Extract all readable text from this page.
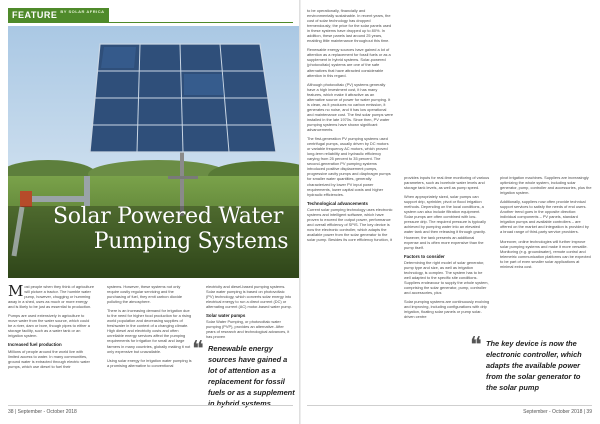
FEATURE BY SOLAR AFRICA
Solar Powered Water
Pumping Systems

Most people when they think of agriculture will picture a tractor. The humble water pump, however, chugging or humming away in a shed, uses as much or more energy and is likely to be just as essential to production.

Pumps are used extensively in agriculture to move water from the water source, which could be a river, dam or bore, though pipes to either a storage facility, such as a water tank or an irrigation system.

Increased fuel production

Millions of people around the world live with limited access to water. In many communities, ground water is extracted through electric water pumps, which use diesel to fuel their

systems. However, these systems not only require costly regular servicing and the purchasing of fuel, they emit carbon dioxide polluting the atmosphere.

There is an increasing demand for irrigation due to the need for higher food production for a rising world population and decreasing supplies of freshwater in the context of a changing climate. High diesel and electricity costs and often unreliable energy services affect the pumping requirements for irrigation for small and large farmers in many countries, globally making it not only expensive but unavailable.

Using solar energy for irrigation water pumping is a promising alternative to conventional

electricity and diesel-based pumping systems. Solar water pumping is based on photovoltaic (PV) technology, which converts solar energy into electrical energy to run a direct current (DC) or alternating current (AC) motor-based water pump.

Solar water pumps

Solar Water Pumping, or photovoltaic water pumping (PVP), provides an alternative. After years of research and technological advances, it has proven

❝ Renewable energy sources have gained a lot of attention as a replacement for fossil fuels or as a supplement in hybrid systems
38 | September - October 2018

to be operationally, financially and environmentally sustainable. In recent years, the cost of solar technology has dropped tremendously; the price for the solar panels used in these systems have dropped up to 80%. In addition, these panels last around 25 years, enabling little maintenance throughout this time.

Renewable energy sources have gained a lot of attention as a replacement for fossil fuels or as a supplement in hybrid systems. Solar-powered (photovoltaic) systems are one of the safe alternatives that have attracted considerable attention in this regard.

Although photovoltaic (PV) systems generally have a high investment cost, it has many features, which make it attractive as an alternative source of power for water pumping. It is clean, as it produces no carbon emission, it generates no noise, and it has low operational and maintenance cost. The first solar pumps were installed in the late 1970s. Since then, PV water pumping systems have shown significant advancements.

The first-generation PV pumping systems used centrifugal pumps, usually driven by DC motors or variable frequency AC motors, which proved long-term reliability and hydraulic efficiency varying from 25 percent to 35 percent. The second-generation PV pumping systems introduced positive displacement pumps, progressive cavity pumps and diaphragm pumps for smaller water quantities, generally characterized by lower PV input power requirements, lower capital costs and higher hydraulic efficiencies.

Technological advancements

Current solar pumping technology uses electronic systems and intelligent software, which have proven to exceed the output power, performance and overall efficiency of SPIS. The key device is now the electronic controller, which adapts the available power from the solar generator to the solar pump. Besides its core efficiency function, it

provides inputs for real-time monitoring of various parameters, such as borehole water levels and storage tank levels, as well as pump speed.

When appropriately sized, solar pumps can support drip, sprinkler, pivot or flood irrigation methods. Depending on the local conditions, a system can also include filtration equipment. Solar pumps are often combined with low-pressure drip. The required pressure is typically achieved by pumping water into an elevated water tank and then releasing it through gravity. However, the tank presents an additional expense and is often more expensive than the pump itself.

Factors to consider

Determining the right model of solar generator, pump type and size, as well as irrigation technology, is complex. The system has to be well adapted to the specific site conditions. Suppliers endeavour to supply the whole system, comprising the solar generator, pump, controller and accessories, plus

Solar pumping systems are continuously evolving and improving, including configurations with drip irrigation, floating solar panels or pump solar-driven centre

pivot irrigation machines. Suppliers are increasingly optimizing the whole system, including solar generator, pump, controller and accessories, plus the irrigation system.

Additionally, suppliers now often provide technical support services to satisfy the needs of end users. Another trend goes in the opposite direction: individual components – PV panels, standard irrigation pumps and available controllers – are offered on the market and integration is provided by a broad range of third-party service providers.

Moreover, online technologies will further improve solar pumping systems and make it more versatile. Monitoring (e.g. groundwater), remote control and telemetric communication platforms can be expected to be part of even smaller solar applications at minimal extra cost.

❝ The key device is now the electronic controller, which adapts the available power from the solar generator to the solar pump
September - October 2018 | 39
